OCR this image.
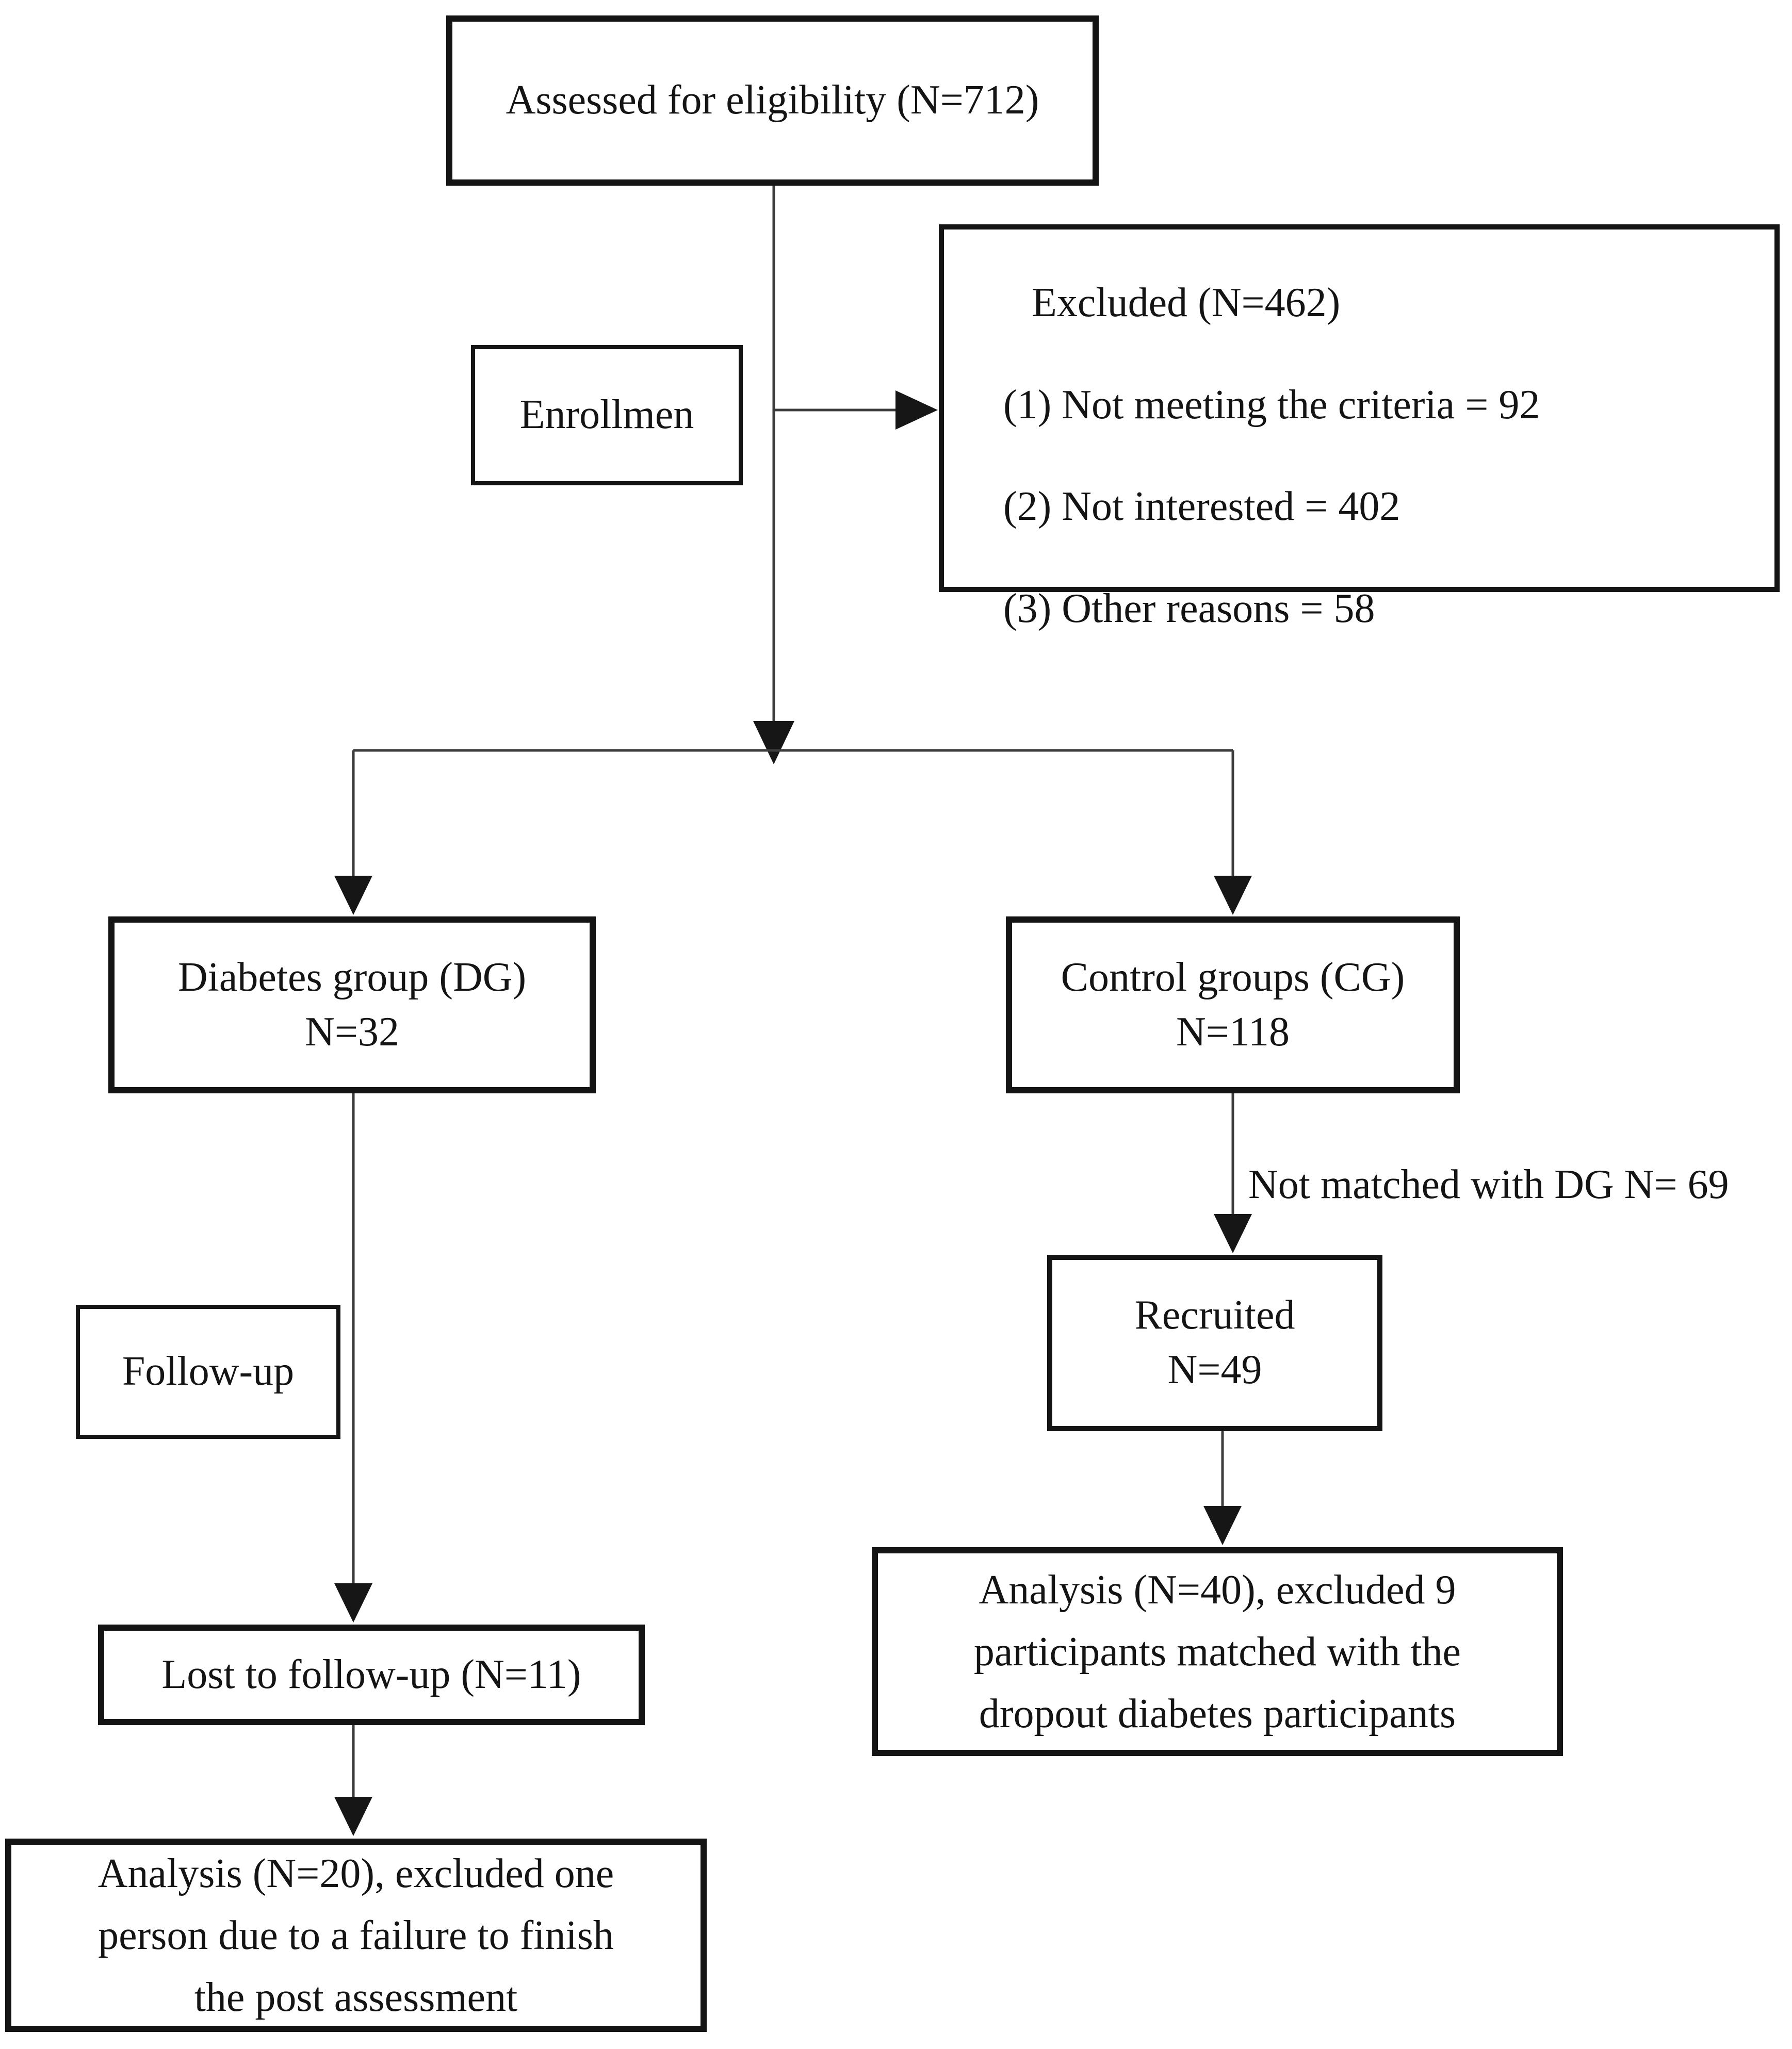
Assessed for eligibility (N=712)
Enrollmen
Excluded (N=462)
(1) Not meeting the criteria = 92
(2) Not interested = 402
(3) Other reasons = 58
Diabetes group (DG)
N=32
Control groups (CG)
N=118
Not matched with DG N= 69
Recruited
N=49
Analysis (N=40), excluded 9
participants matched with the
dropout diabetes participants
Follow-up
Lost to follow-up (N=11)
Analysis (N=20), excluded one
person due to a failure to finish
the post assessment
